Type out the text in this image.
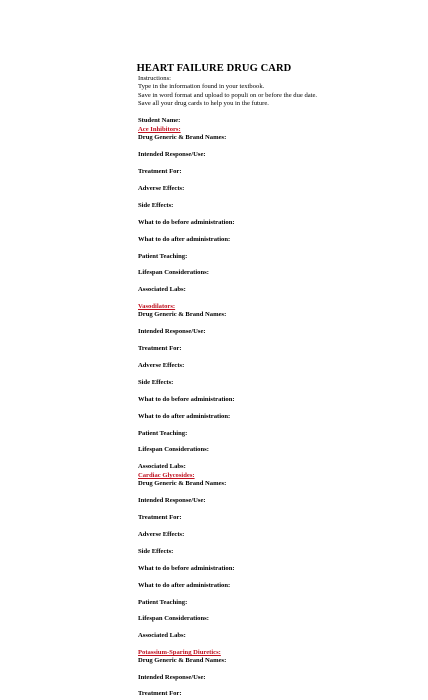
HEART FAILURE DRUG CARD
Instructions:
Type in the information found in your textbook.
Save in word format and upload to populi on or before the due date.
Save all your drug cards to help you in the future.
Student Name:
Ace Inhibitors:
Drug Generic & Brand Names:
Intended Response/Use:
Treatment For:
Adverse Effects:
Side Effects:
What to do before administration:
What to do after administration:
Patient Teaching:
Lifespan Considerations:
Associated Labs:
Vasodilators:
Drug Generic & Brand Names:
Intended Response/Use:
Treatment For:
Adverse Effects:
Side Effects:
What to do before administration:
What to do after administration:
Patient Teaching:
Lifespan Considerations:
Associated Labs:
Cardiac Glycosides:
Drug Generic & Brand Names:
Intended Response/Use:
Treatment For:
Adverse Effects:
Side Effects:
What to do before administration:
What to do after administration:
Patient Teaching:
Lifespan Considerations:
Associated Labs:
Potassium-Sparing Diuretics:
Drug Generic & Brand Names:
Intended Response/Use:
Treatment For:
